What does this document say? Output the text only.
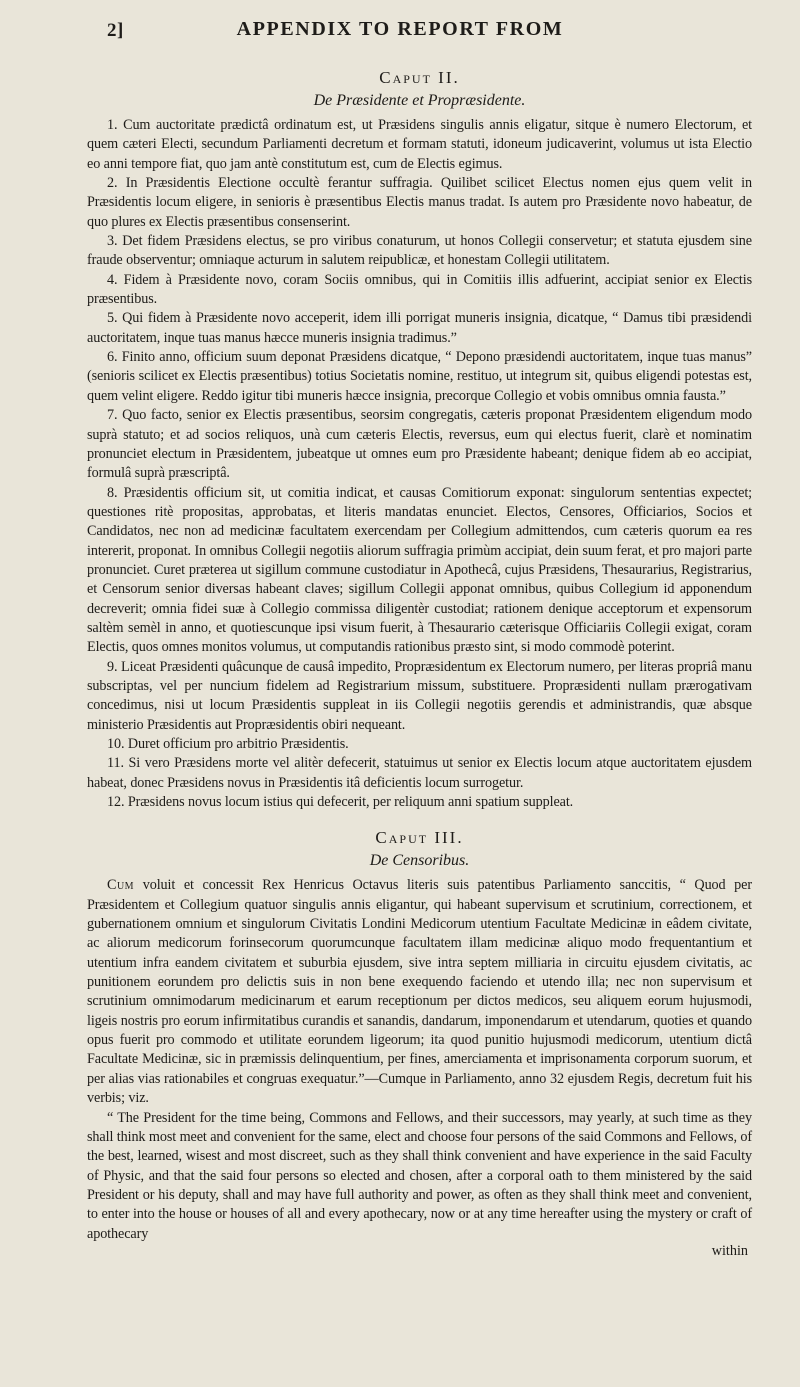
2]	APPENDIX TO REPORT FROM
Caput II.
De Præsidente et Propræsidente.

1. Cum auctoritate prædictâ ordinatum est, ut Præsidens singulis annis eligatur, sitque è numero Electorum, et quem cæteri Electi, secundum Parliamenti decretum et formam statuti, idoneum judicaverint, volumus ut ista Electio eo anni tempore fiat, quo jam antè constitutum est, cum de Electis egimus.

2. In Præsidentis Electione occultè ferantur suffragia. Quilibet scilicet Electus nomen ejus quem velit in Præsidentis locum eligere, in senioris è præsentibus Electis manus tradat. Is autem pro Præsidente novo habeatur, de quo plures ex Electis præsentibus consenserint.

3. Det fidem Præsidens electus, se pro viribus conaturum, ut honos Collegii conservetur; et statuta ejusdem sine fraude observentur; omniaque acturum in salutem reipublicæ, et honestam Collegii utilitatem.

4. Fidem à Præsidente novo, coram Sociis omnibus, qui in Comitiis illis adfuerint, accipiat senior ex Electis præsentibus.

5. Qui fidem à Præsidente novo acceperit, idem illi porrigat muneris insignia, dicatque, “ Damus tibi præsidendi auctoritatem, inque tuas manus hæcce muneris insignia tradimus.”

6. Finito anno, officium suum deponat Præsidens dicatque, “ Depono præsidendi auctoritatem, inque tuas manus” (senioris scilicet ex Electis præsentibus) totius Societatis nomine, restituo, ut integrum sit, quibus eligendi potestas est, quem velint eligere. Reddo igitur tibi muneris hæcce insignia, precorque Collegio et vobis omnibus omnia fausta.”

7. Quo facto, senior ex Electis præsentibus, seorsim congregatis, cæteris proponat Præsidentem eligendum modo suprà statuto; et ad socios reliquos, unà cum cæteris Electis, reversus, eum qui electus fuerit, clarè et nominatim pronunciet electum in Præsidentem, jubeatque ut omnes eum pro Præsidente habeant; denique fidem ab eo accipiat, formulâ suprà præscriptâ.

8. Præsidentis officium sit, ut comitia indicat, et causas Comitiorum exponat: singulorum sententias expectet; questiones ritè propositas, approbatas, et literis mandatas enunciet. Electos, Censores, Officiarios, Socios et Candidatos, nec non ad medicinæ facultatem exercendam per Collegium admittendos, cum cæteris quorum ea res intererit, proponat. In omnibus Collegii negotiis aliorum suffragia primùm accipiat, dein suum ferat, et pro majori parte pronunciet. Curet præterea ut sigillum commune custodiatur in Apothecâ, cujus Præsidens, Thesaurarius, Registrarius, et Censorum senior diversas habeant claves; sigillum Collegii apponat omnibus, quibus Collegium id apponendum decreverit; omnia fidei suæ à Collegio commissa diligentèr custodiat; rationem denique acceptorum et expensorum saltèm semèl in anno, et quotiescunque ipsi visum fuerit, à Thesaurario cæterisque Officiariis Collegii exigat, coram Electis, quos omnes monitos volumus, ut computandis rationibus præsto sint, si modo commodè poterint.

9. Liceat Præsidenti quâcunque de causâ impedito, Propræsidentum ex Electorum numero, per literas propriâ manu subscriptas, vel per nuncium fidelem ad Registrarium missum, substituere. Propræsidenti nullam prærogativam concedimus, nisi ut locum Præsidentis suppleat in iis Collegii negotiis gerendis et administrandis, quæ absque ministerio Præsidentis aut Propræsidentis obiri nequeant.

10. Duret officium pro arbitrio Præsidentis.

11. Si vero Præsidens morte vel alitèr defecerit, statuimus ut senior ex Electis locum atque auctoritatem ejusdem habeat, donec Præsidens novus in Præsidentis itâ deficientis locum surrogetur.

12. Præsidens novus locum istius qui defecerit, per reliquum anni spatium suppleat.

Caput III.
De Censoribus.

Cum voluit et concessit Rex Henricus Octavus literis suis patentibus Parliamento sanccitis, “ Quod per Præsidentem et Collegium quatuor singulis annis eligantur, qui habeant supervisum et scrutinium, correctionem, et gubernationem omnium et singulorum Civitatis Londini Medicorum utentium Facultate Medicinæ in eâdem civitate, ac aliorum medicorum forinsecorum quorumcunque facultatem illam medicinæ aliquo modo frequentantium et utentium infra eandem civitatem et suburbia ejusdem, sive intra septem milliaria in circuitu ejusdem civitatis, ac punitionem eorundem pro delictis suis in non bene exequendo faciendo et utendo illa; nec non supervisum et scrutinium omnimodarum medicinarum et earum receptionum per dictos medicos, seu aliquem eorum hujusmodi, ligeis nostris pro eorum infirmitatibus curandis et sanandis, dandarum, imponendarum et utendarum, quoties et quando opus fuerit pro commodo et utilitate eorundem ligeorum; ita quod punitio hujusmodi medicorum, utentium dictâ Facultate Medicinæ, sic in præmissis delinquentium, per fines, amerciamenta et imprisonamenta corporum suorum, et per alias vias rationabiles et congruas exequatur.”—Cumque in Parliamento, anno 32 ejusdem Regis, decretum fuit his verbis; viz.

“ The President for the time being, Commons and Fellows, and their successors, may yearly, at such time as they shall think most meet and convenient for the same, elect and choose four persons of the said Commons and Fellows, of the best, learned, wisest and most discreet, such as they shall think convenient and have experience in the said Faculty of Physic, and that the said four persons so elected and chosen, after a corporal oath to them ministered by the said President or his deputy, shall and may have full authority and power, as often as they shall think meet and convenient, to enter into the house or houses of all and every apothecary, now or at any time hereafter using the mystery or craft of apothecary

within
